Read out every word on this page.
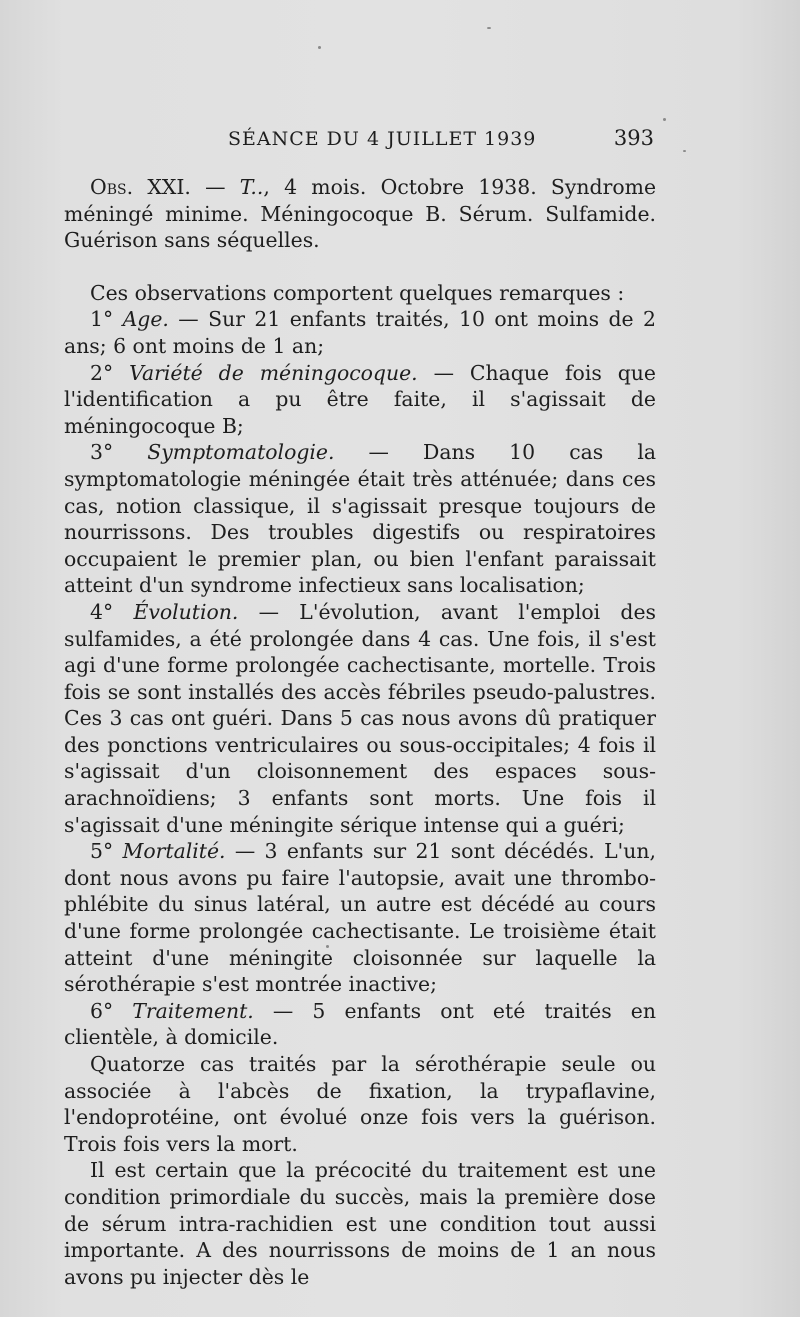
SÉANCE DU 4 JUILLET 1939	393

Obs. XXI. — T.., 4 mois. Octobre 1938. Syndrome méningé minime. Méningocoque B. Sérum. Sulfamide. Guérison sans séquelles.

Ces observations comportent quelques remarques :

1° Age. — Sur 21 enfants traités, 10 ont moins de 2 ans; 6 ont moins de 1 an;

2° Variété de méningocoque. — Chaque fois que l'identification a pu être faite, il s'agissait de méningocoque B;

3° Symptomatologie. — Dans 10 cas la symptomatologie méningée était très atténuée; dans ces cas, notion classique, il s'agissait presque toujours de nourrissons. Des troubles digestifs ou respiratoires occupaient le premier plan, ou bien l'enfant paraissait atteint d'un syndrome infectieux sans localisation;

4° Évolution. — L'évolution, avant l'emploi des sulfamides, a été prolongée dans 4 cas. Une fois, il s'est agi d'une forme prolongée cachectisante, mortelle. Trois fois se sont installés des accès fébriles pseudo-palustres. Ces 3 cas ont guéri. Dans 5 cas nous avons dû pratiquer des ponctions ventriculaires ou sous-occipitales; 4 fois il s'agissait d'un cloisonnement des espaces sous-arachnoïdiens; 3 enfants sont morts. Une fois il s'agissait d'une méningite sérique intense qui a guéri;

5° Mortalité. — 3 enfants sur 21 sont décédés. L'un, dont nous avons pu faire l'autopsie, avait une thrombo-phlébite du sinus latéral, un autre est décédé au cours d'une forme prolongée cachectisante. Le troisième était atteint d'une méningite cloisonnée sur laquelle la sérothérapie s'est montrée inactive;

6° Traitement. — 5 enfants ont eté traités en clientèle, à domicile.

Quatorze cas traités par la sérothérapie seule ou associée à l'abcès de fixation, la trypaflavine, l'endoprotéine, ont évolué onze fois vers la guérison. Trois fois vers la mort.

Il est certain que la précocité du traitement est une condition primordiale du succès, mais la première dose de sérum intra-rachidien est une condition tout aussi importante. A des nourrissons de moins de 1 an nous avons pu injecter dès le
